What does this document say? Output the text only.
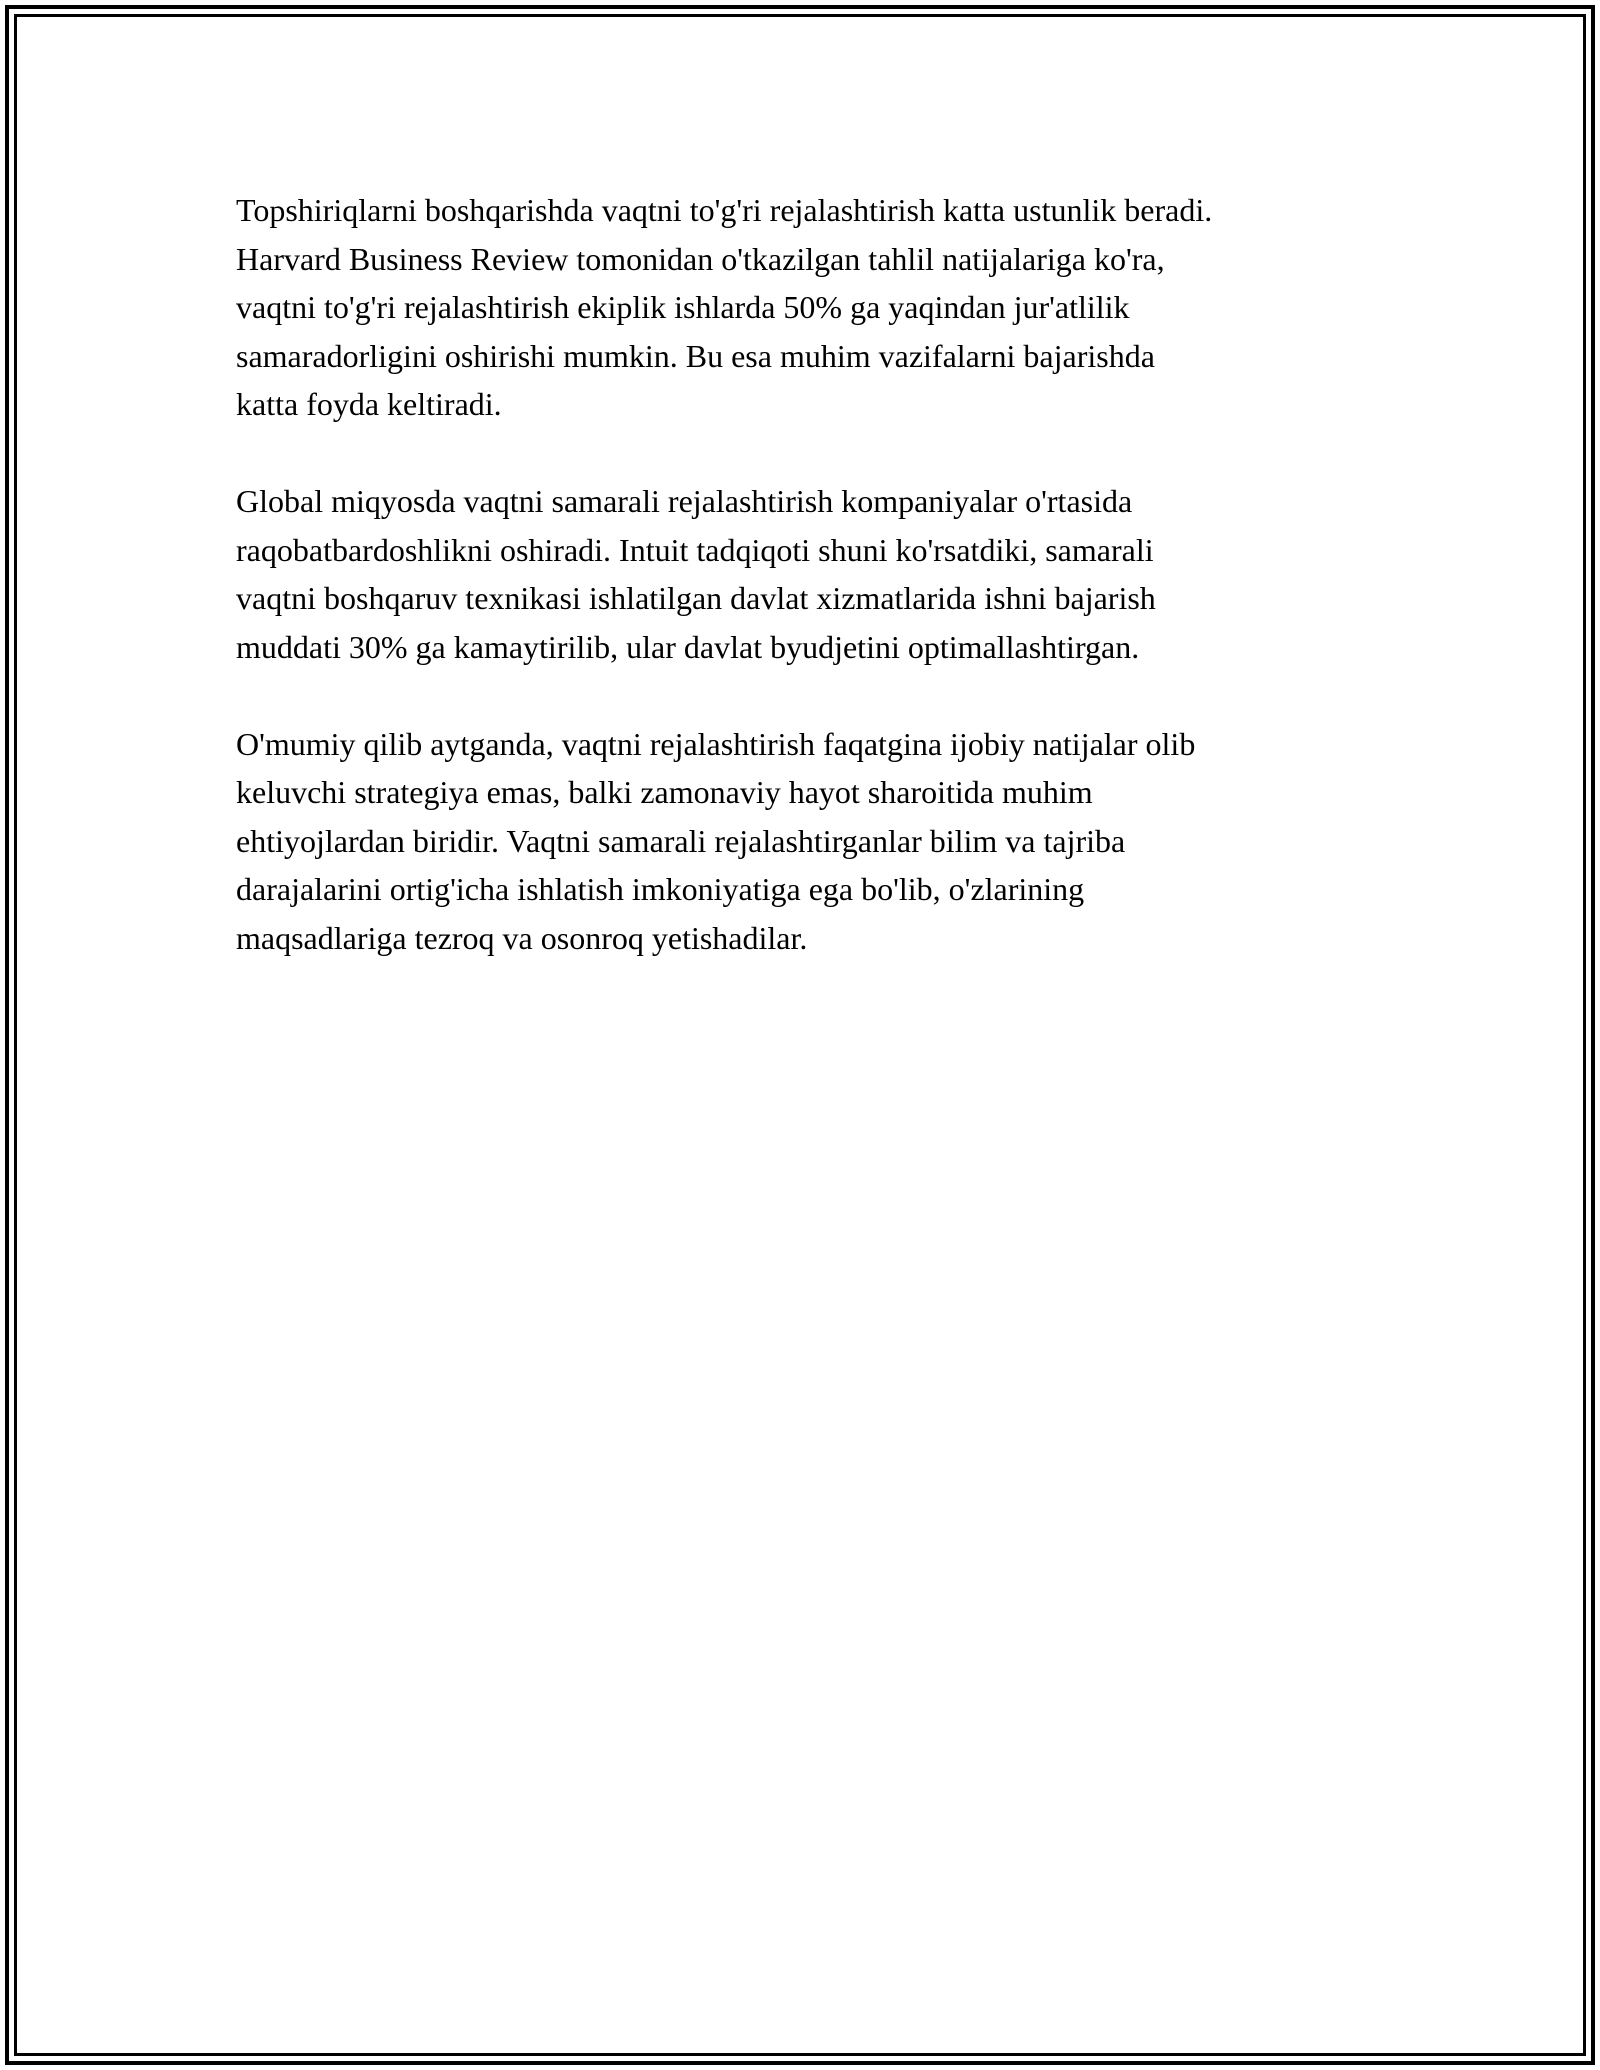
Topshiriqlarni boshqarishda vaqtni to'g'ri rejalashtirish katta ustunlik beradi.
Harvard Business Review tomonidan o'tkazilgan tahlil natijalariga ko'ra,
vaqtni to'g'ri rejalashtirish ekiplik ishlarda 50% ga yaqindan jur'atlilik
samaradorligini oshirishi mumkin. Bu esa muhim vazifalarni bajarishda
katta foyda keltiradi.
Global miqyosda vaqtni samarali rejalashtirish kompaniyalar o'rtasida
raqobatbardoshlikni oshiradi. Intuit tadqiqoti shuni ko'rsatdiki, samarali
vaqtni boshqaruv texnikasi ishlatilgan davlat xizmatlarida ishni bajarish
muddati 30% ga kamaytirilib, ular davlat byudjetini optimallashtirgan.
O'mumiy qilib aytganda, vaqtni rejalashtirish faqatgina ijobiy natijalar olib
keluvchi strategiya emas, balki zamonaviy hayot sharoitida muhim
ehtiyojlardan biridir. Vaqtni samarali rejalashtirganlar bilim va tajriba
darajalarini ortig'icha ishlatish imkoniyatiga ega bo'lib, o'zlarining
maqsadlariga tezroq va osonroq yetishadilar.
